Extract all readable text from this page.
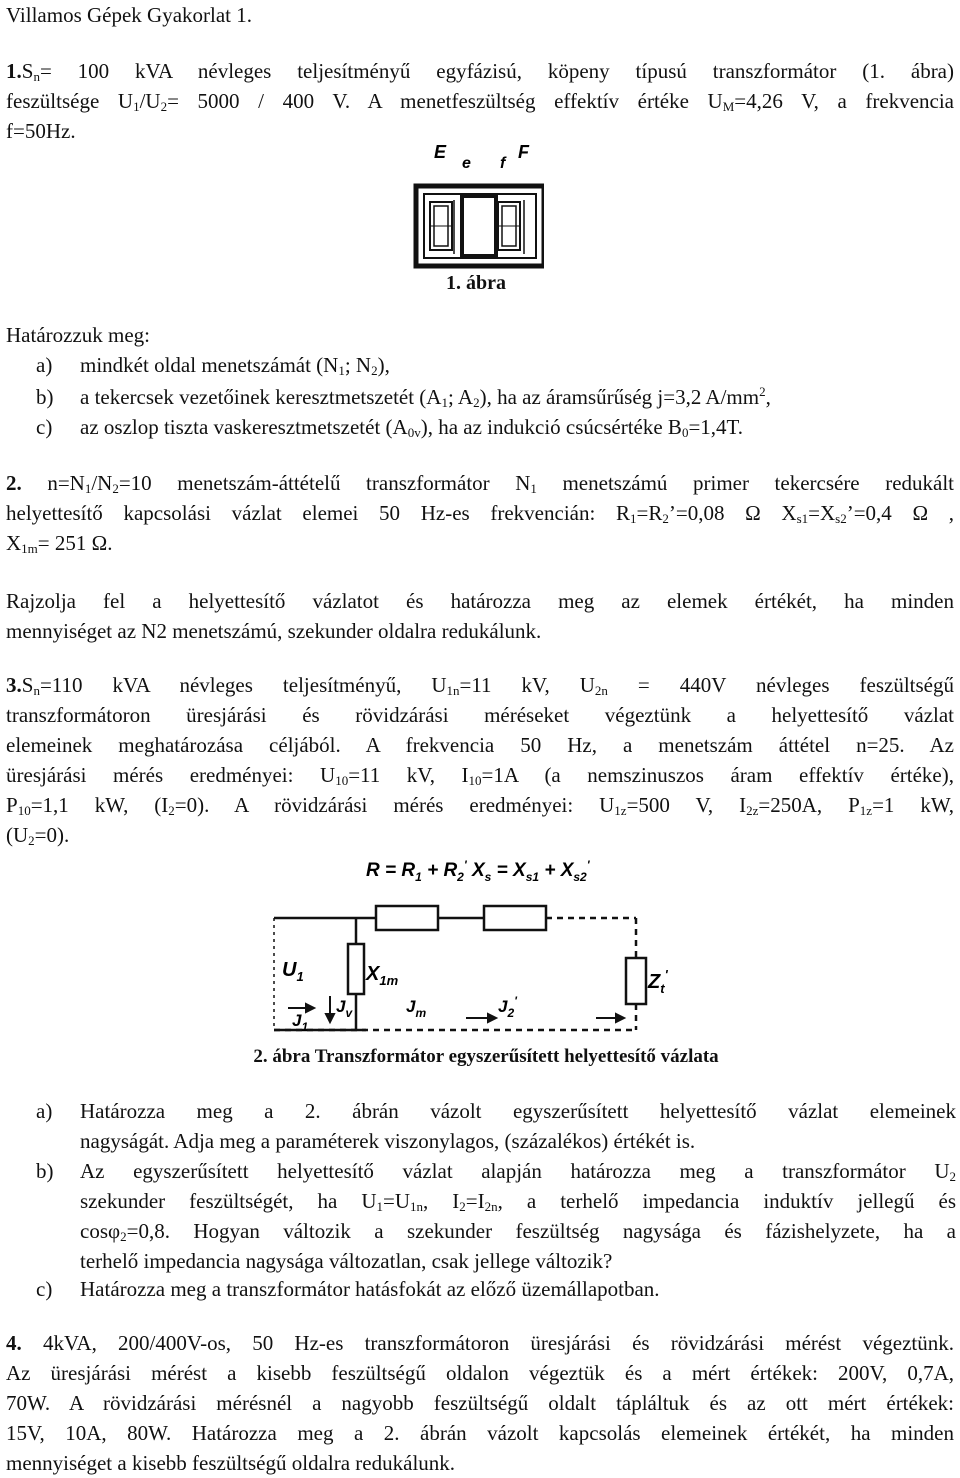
Villamos Gépek Gyakorlat 1.
$1.S_n= 100$ kVA névleges teljesítményű egyfázisú, köpeny típusú transzformátor (1. ábra)
feszültsége $U_1/U_2= 5000 / 400$ V. A menetfeszültség effektív értéke $U_M=4,26$ V, a frekvencia
f=50Hz.
E
e f
F
1. ábra
Határozzuk meg:
a) mindkét oldal menetszámát ($N_1$; $N_2$),
b) a tekercsek vezetőinek keresztmetszetét ($A_1$; $A_2$), ha az áramsűrűség j=3,2 $A/mm^2$,
c) az oszlop tiszta vaskeresztmetszetét $(A_{0v})$, ha az indukció csúcsértéke $B_0=1,4T$.
2. $n=N_1/N_2=10$ menetszám-áttételű transzformátor $N_1$ menetszámú primer tekercsére redukált
helyettesítő kapcsolási vázlat elemei 50 Hz-es frekvencián: $R_1=R_2’=0,08$ Ω $X_{s1}=X_{s2}’=0,4$ Ω ,
$X_{1m}= 251$ Ω.
Rajzolja fel a helyettesítő vázlatot és határozza meg az elemek értékét, ha minden
mennyiséget az N2 menetszámú, szekunder oldalra redukálunk.
$3.S_n=110$ kVA névleges teljesítményű, $U_{1n}=11$ kV, $U_{2n} = 440V$ névleges feszültségű
transzformátoron üresjárási és rövidzárási méréseket végeztünk a helyettesítő vázlat
elemeinek meghatározása céljából. A frekvencia 50 Hz, a menetszám áttétel n=25. Az
üresjárási mérés eredményei: $U_{10}=11$ kV, $I_{10}=1A$ (a nemszinuszos áram effektív értéke),
$P_{10}=1,1$ kW, $(I_2=0)$. A rövidzárási mérés eredményei: $U_{1z}=500$ V, $I_{2z}=250A$, $P_{1z}=1$ kW,
$(U_2=0)$.
$R = R_1 + R_2'$ $X_s = X_{s1} + X_{s2}'$
$U_1$	$X_{1m}$	$Z_t'$
$J_1$
$J_v$	$J_m$	$J_2'$
2. ábra Transzformátor egyszerűsített helyettesítő vázlata
a) Határozza meg a 2. ábrán vázolt egyszerűsített helyettesítő vázlat elemeinek
nagyságát. Adja meg a paraméterek viszonylagos, (százalékos) értékét is.
b) Az egyszerűsített helyettesítő vázlat alapján határozza meg a transzformátor $U_2$
szekunder feszültségét, ha $U_1=U_{1n}$, $I_2=I_{2n}$, a terhelő impedancia induktív jellegű és
cosφ$_2$=0,8. Hogyan változik a szekunder feszültség nagysága és fázishelyzete, ha a
terhelő impedancia nagysága változatlan, csak jellege változik?
c) Határozza meg a transzformátor hatásfokát az előző üzemállapotban.
4. 4kVA, 200/400V-os, 50 Hz-es transzformátoron üresjárási és rövidzárási mérést végeztünk.
Az üresjárási mérést a kisebb feszültségű oldalon végeztük és a mért értékek: 200V, 0,7A,
70W. A rövidzárási mérésnél a nagyobb feszültségű oldalt tápláltuk és az ott mért értékek:
15V, 10A, 80W. Határozza meg a 2. ábrán vázolt kapcsolás elemeinek értékét, ha minden
mennyiséget a kisebb feszültségű oldalra redukálunk.
